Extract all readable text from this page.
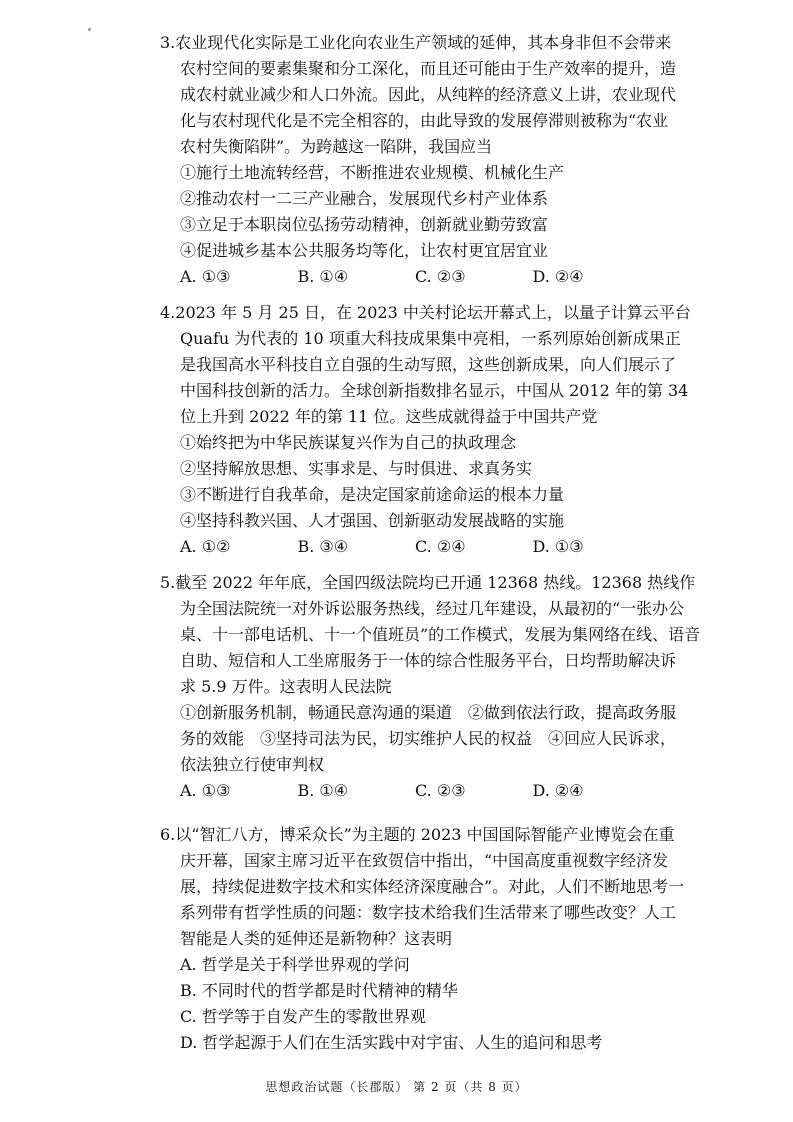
3.农业现代化实际是工业化向农业生产领域的延伸，其本身非但不会带来
农村空间的要素集聚和分工深化，而且还可能由于生产效率的提升，造
成农村就业减少和人口外流。因此，从纯粹的经济意义上讲，农业现代
化与农村现代化是不完全相容的，由此导致的发展停滞则被称为“农业
农村失衡陷阱”。为跨越这一陷阱，我国应当
①施行土地流转经营，不断推进农业规模、机械化生产
②推动农村一二三产业融合，发展现代乡村产业体系
③立足于本职岗位弘扬劳动精神，创新就业勤劳致富
④促进城乡基本公共服务均等化，让农村更宜居宜业
A. ①③	B. ①④	C. ②③	D. ②④
4.2023 年 5 月 25 日，在 2023 中关村论坛开幕式上，以量子计算云平台
Quafu 为代表的 10 项重大科技成果集中亮相，一系列原始创新成果正
是我国高水平科技自立自强的生动写照，这些创新成果，向人们展示了
中国科技创新的活力。全球创新指数排名显示，中国从 2012 年的第 34
位上升到 2022 年的第 11 位。这些成就得益于中国共产党
①始终把为中华民族谋复兴作为自己的执政理念
②坚持解放思想、实事求是、与时俱进、求真务实
③不断进行自我革命，是决定国家前途命运的根本力量
④坚持科教兴国、人才强国、创新驱动发展战略的实施
A. ①②	B. ③④	C. ②④	D. ①③
5.截至 2022 年年底，全国四级法院均已开通 12368 热线。12368 热线作
为全国法院统一对外诉讼服务热线，经过几年建设，从最初的“一张办公
桌、十一部电话机、十一个值班员”的工作模式，发展为集网络在线、语音
自助、短信和人工坐席服务于一体的综合性服务平台，日均帮助解决诉
求 5.9 万件。这表明人民法院
①创新服务机制，畅通民意沟通的渠道　②做到依法行政，提高政务服
务的效能　③坚持司法为民，切实维护人民的权益　④回应人民诉求，
依法独立行使审判权
A. ①③	B. ①④	C. ②③	D. ②④
6.以“智汇八方，博采众长”为主题的 2023 中国国际智能产业博览会在重
庆开幕，国家主席习近平在致贺信中指出，“中国高度重视数字经济发
展，持续促进数字技术和实体经济深度融合”。对此，人们不断地思考一
系列带有哲学性质的问题：数字技术给我们生活带来了哪些改变？人工
智能是人类的延伸还是新物种？这表明
A. 哲学是关于科学世界观的学问
B. 不同时代的哲学都是时代精神的精华
C. 哲学等于自发产生的零散世界观
D. 哲学起源于人们在生活实践中对宇宙、人生的追问和思考
思想政治试题（长郡版） 第 2 页（共 8 页）
